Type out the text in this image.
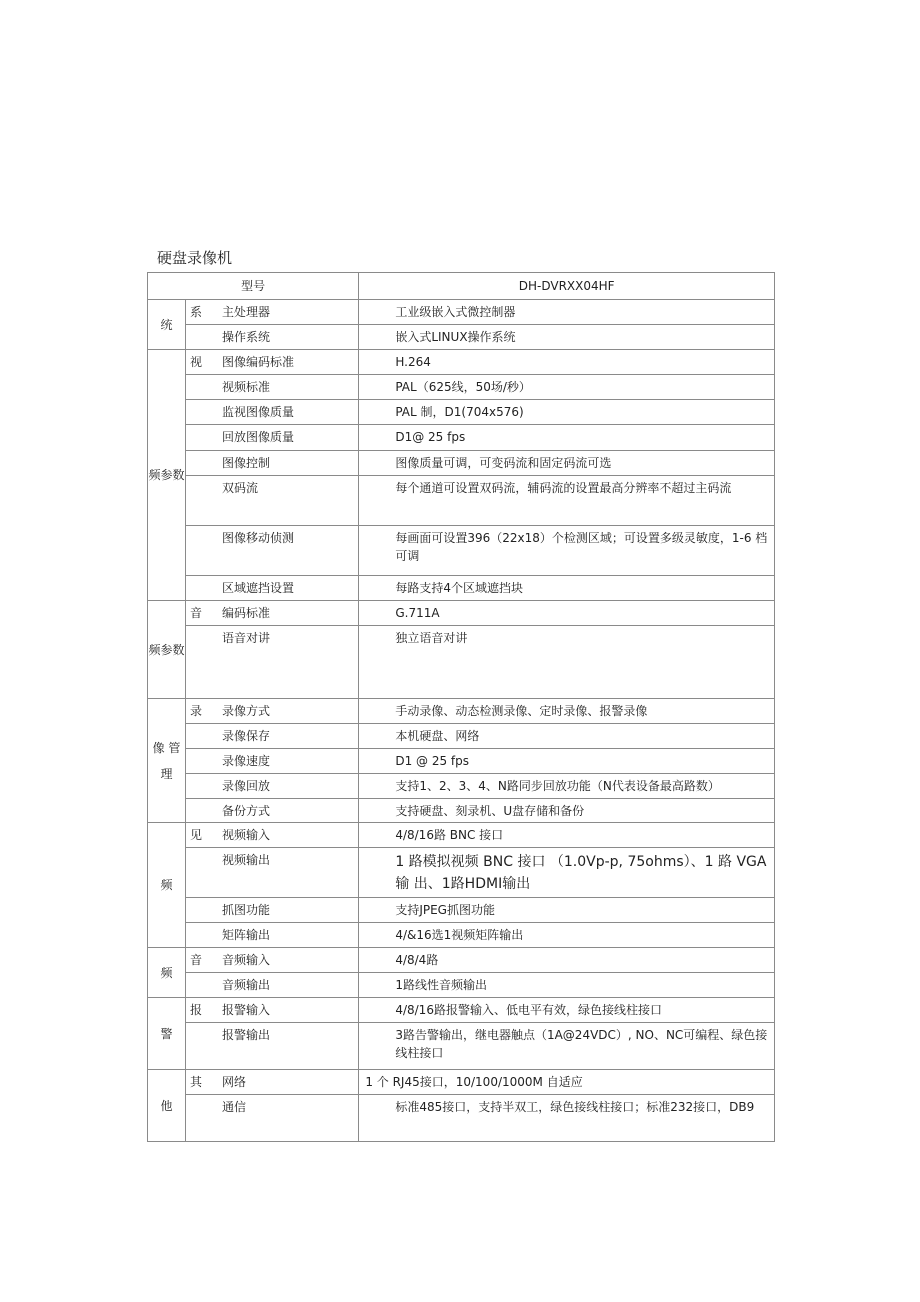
硬盘录像机
型号		DH-DVRXX04HF

统	系 主处理器	工业级嵌入式微控制器
	操作系统	嵌入式LINUX操作系统

频参数	视 图像编码标准	H.264
	视频标准	PAL（625线，50场/秒）
	监视图像质量	PAL 制，D1(704x576)
	回放图像质量	D1@ 25 fps
	图像控制	图像质量可调，可变码流和固定码流可选
	双码流	每个通道可设置双码流，辅码流的设置最高分辨率不超过主码流
	图像移动侦测	每画面可设置396（22x18）个检测区域；可设置多级灵敏度，1-6 档可调
	区域遮挡设置	每路支持4个区域遮挡块

频参数	音 编码标准	G.711A
	语音对讲	独立语音对讲

像 管理	录 录像方式	手动录像、动态检测录像、定时录像、报警录像
	录像保存	本机硬盘、网络
	录像速度	D1 @ 25 fps
	录像回放	支持1、2、3、4、N路同步回放功能（N代表设备最高路数）
	备份方式	支持硬盘、刻录机、U盘存储和备份

频	见 视频输入	4/8/16路 BNC 接口
	视频输出	1 路模拟视频 BNC 接口 （1.0Vp-p, 75ohms）、1 路 VGA 输 出、1路HDMI输出
	抓图功能	支持JPEG抓图功能
	矩阵输出	4/&16选1视频矩阵输出

频	音 音频输入	4/8/4路
	音频输出	1路线性音频输出

警	报 报警输入	4/8/16路报警输入、低电平有效，绿色接线柱接口
	报警输出	3路告警输出，继电器触点（1A@24VDC）, NO、NC可编程、绿色接线柱接口

他	其 网络	1 个 RJ45接口，10/100/1000M 自适应
	通信	标准485接口，支持半双工，绿色接线柱接口；标准232接口，DB9
